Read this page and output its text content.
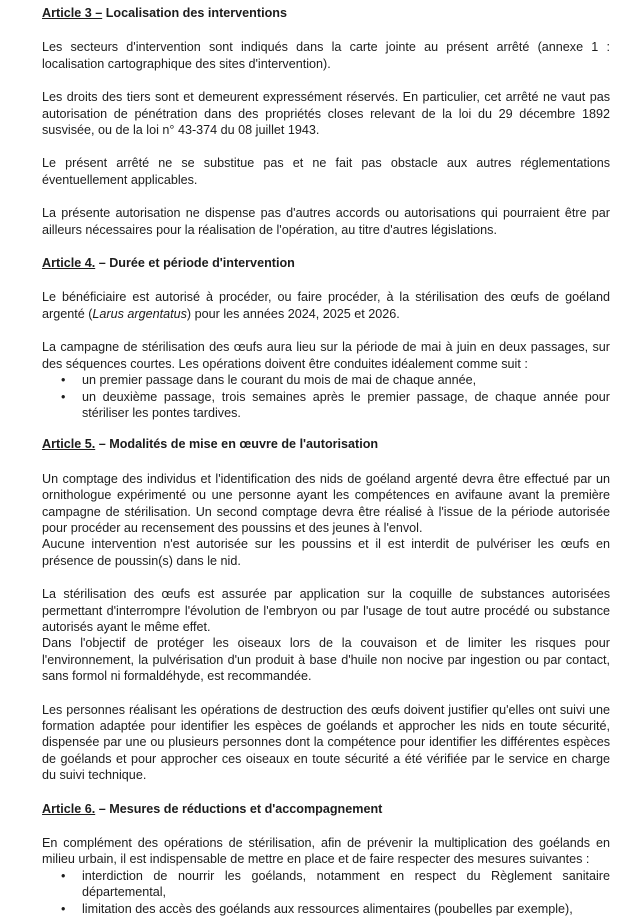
Article 3 – Localisation des interventions

Les secteurs d'intervention sont indiqués dans la carte jointe au présent arrêté (annexe 1 : localisation cartographique des sites d'intervention).

Les droits des tiers sont et demeurent expressément réservés. En particulier, cet arrêté ne vaut pas autorisation de pénétration dans des propriétés closes relevant de la loi du 29 décembre 1892 susvisée, ou de la loi n° 43-374 du 08 juillet 1943.

Le présent arrêté ne se substitue pas et ne fait pas obstacle aux autres réglementations éventuellement applicables.

La présente autorisation ne dispense pas d'autres accords ou autorisations qui pourraient être par ailleurs nécessaires pour la réalisation de l'opération, au titre d'autres législations.

Article 4. – Durée et période d'intervention

Le bénéficiaire est autorisé à procéder, ou faire procéder, à la stérilisation des œufs de goéland argenté (Larus argentatus) pour les années 2024, 2025 et 2026.

La campagne de stérilisation des œufs aura lieu sur la période de mai à juin en deux passages, sur des séquences courtes. Les opérations doivent être conduites idéalement comme suit :

• un premier passage dans le courant du mois de mai de chaque année,
• un deuxième passage, trois semaines après le premier passage, de chaque année pour stériliser les pontes tardives.
Article 5. – Modalités de mise en œuvre de l'autorisation

Un comptage des individus et l'identification des nids de goéland argenté devra être effectué par un ornithologue expérimenté ou une personne ayant les compétences en avifaune avant la première campagne de stérilisation. Un second comptage devra être réalisé à l'issue de la période autorisée pour procéder au recensement des poussins et des jeunes à l'envol.

Aucune intervention n'est autorisée sur les poussins et il est interdit de pulvériser les œufs en présence de poussin(s) dans le nid.

La stérilisation des œufs est assurée par application sur la coquille de substances autorisées permettant d'interrompre l'évolution de l'embryon ou par l'usage de tout autre procédé ou substance autorisés ayant le même effet.

Dans l'objectif de protéger les oiseaux lors de la couvaison et de limiter les risques pour l'environnement, la pulvérisation d'un produit à base d'huile non nocive par ingestion ou par contact, sans formol ni formaldéhyde, est recommandée.

Les personnes réalisant les opérations de destruction des œufs doivent justifier qu'elles ont suivi une formation adaptée pour identifier les espèces de goélands et approcher les nids en toute sécurité, dispensée par une ou plusieurs personnes dont la compétence pour identifier les différentes espèces de goélands et pour approcher ces oiseaux en toute sécurité a été vérifiée par le service en charge du suivi technique.

Article 6. – Mesures de réductions et d'accompagnement

En complément des opérations de stérilisation, afin de prévenir la multiplication des goélands en milieu urbain, il est indispensable de mettre en place et de faire respecter des mesures suivantes :

• interdiction de nourrir les goélands, notamment en respect du Règlement sanitaire départemental,
• limitation des accès des goélands aux ressources alimentaires (poubelles par exemple),
